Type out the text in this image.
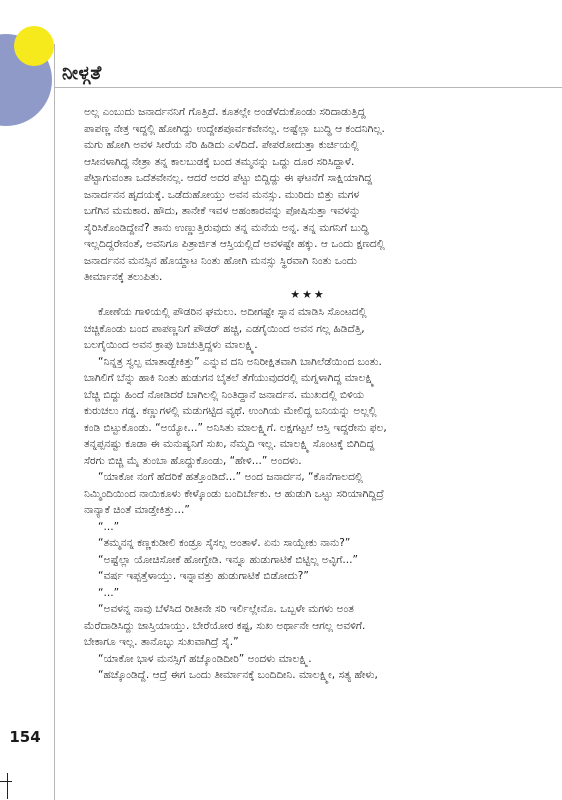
ನೀಳ್ಗತೆ
ಅಲ್ಲ ಎಂಬುದು ಜನಾರ್ದನನಿಗೆ ಗೊತ್ತಿದೆ. ಕೂತಲ್ಲೇ ಅಂಡೆಳೆದುಕೊಂಡು ಸರಿದಾಡುತ್ತಿದ್ದ
ಪಾಪಣ್ಣ ನೇತ್ರ ಇದ್ದಲ್ಲಿ ಹೋಗಿದ್ದು ಉದ್ದೇಶಪೂರ್ವಕವೇನಲ್ಲ. ಅಷ್ಟೆಲ್ಲಾ ಬುದ್ಧಿ ಆ ಕಂದನಿಗಿಲ್ಲ.
ಮಗು ಹೋಗಿ ಅವಳ ಸೀರೆಯ ನೆರಿ ಹಿಡಿದು ಎಳೆದಿದೆ. ಪೇಪರೋದುತ್ತಾ ಕುರ್ಚಿಯಲ್ಲಿ
ಆಸೀನಳಾಗಿದ್ದ ನೇತ್ರಾ ತನ್ನ ಕಾಲಬುಡಕ್ಕೆ ಬಂದ ತಮ್ಮನನ್ನು ಒದ್ದು ದೂರ ಸರಿಸಿದ್ದಾಳೆ.
ಪೆಟ್ಟಾಗುವಂತಾ ಒದೆತವೇನಲ್ಲ. ಆದರೆ ಅದರ ಪೆಟ್ಟು ಬಿದ್ದಿದ್ದು ಈ ಘಟನೆಗೆ ಸಾಕ್ಷಿಯಾಗಿದ್ದ
ಜನಾರ್ದನನ ಹೃದಯಕ್ಕೆ. ಒಡೆದುಹೋಯ್ತು ಅವನ ಮನಸ್ಸು. ಮುರಿದು ಬಿತ್ತು ಮಗಳ
ಬಗೆಗಿನ ಮಮಕಾರ. ಹೌದು, ತಾನೇಕೆ ಇವಳ ಅಹಂಕಾರವನ್ನು ಪೋಷಿಸುತ್ತಾ ಇವಳನ್ನು
ಸೈರಿಸಿಕೊಂಡಿದ್ದೇನೆ? ತಾನು ಉಣ್ಣುತ್ತಿರುವುದು ತನ್ನ ಮನೆಯ ಅನ್ನ. ತನ್ನ ಮಗನಿಗೆ ಬುದ್ಧಿ
ಇಲ್ಲದಿದ್ದರೇನಂತೆ, ಅವನಿಗೂ ಪಿತ್ರಾರ್ಜಿತ ಆಸ್ತಿಯಲ್ಲಿದೆ ಅವಳಷ್ಟೇ ಹಕ್ಕು. ಆ ಒಂದು ಕ್ಷಣದಲ್ಲಿ
ಜನಾರ್ದನನ ಮನಸ್ಸಿನ ಹೊಯ್ದಾಟ ನಿಂತು ಹೋಗಿ ಮನಸ್ಸು ಸ್ಥಿರವಾಗಿ ನಿಂತು ಒಂದು
ತೀರ್ಮಾನಕ್ಕೆ ತಲುಪಿತು.
★★★
ಕೋಣೆಯ ಗಾಳಿಯಲ್ಲಿ ಪೌಡರಿನ ಘಮಲು. ಅದೀಗಷ್ಟೇ ಸ್ನಾನ ಮಾಡಿಸಿ ಸೊಂಟದಲ್ಲಿ
ಚಚ್ಚಿಕೊಂಡು ಬಂದ ಪಾಪಣ್ಣನಿಗೆ ಪೌಡರ್ ಹಚ್ಚಿ, ಎಡಗೈಯಿಂದ ಅವನ ಗಲ್ಲ ಹಿಡಿದೆತ್ತಿ,
ಬಲಗೈಯಿಂದ ಅವನ ಕ್ರಾಪು ಬಾಚುತ್ತಿದ್ದಳು ಮಾಲಕ್ಷ್ಮಿ.
“ನಿನ್ನತ್ರ ಸ್ವಲ್ಪ ಮಾತಾಡ್ಬೇಕಿತ್ತು” ಎನ್ನುವ ದನಿ ಅನಿರೀಕ್ಷಿತವಾಗಿ ಬಾಗಿಲೆಡೆಯಿಂದ ಬಂತು.
ಬಾಗಿಲಿಗೆ ಬೆನ್ನು ಹಾಕಿ ನಿಂತು ಹುಡುಗನ ಬೈತಲೆ ತೆಗೆಯುವುದರಲ್ಲಿ ಮಗ್ನಳಾಗಿದ್ದ ಮಾಲಕ್ಷ್ಮಿ
ಬೆಚ್ಚಿ ಬಿದ್ದು ಹಿಂದೆ ನೋಡಿದರೆ ಬಾಗಿಲಲ್ಲಿ ನಿಂತಿದ್ದಾನೆ ಜನಾರ್ದನ. ಮುಖದಲ್ಲಿ ಬಿಳಿಯ
ಕುರುಚಲು ಗಡ್ಡ. ಕಣ್ಣುಗಳಲ್ಲಿ ಮಡುಗಟ್ಟಿದ ವ್ಯಥೆ. ಉಂಗಿಯ ಮೇಲಿದ್ದ ಬನಿಯನ್ನು ಅಲ್ಲಲ್ಲಿ
ಕಂಡಿ ಬಿಟ್ಟುಕೊಂಡು. “ಅಯ್ಯೋ...” ಅನಿಸಿತು ಮಾಲಕ್ಷ್ಮಿಗೆ. ಲಕ್ಷಗಟ್ಟಲೆ ಆಸ್ತಿ ಇದ್ದರೇನು ಫಲ,
ತನ್ನಪ್ಪನಷ್ಟು ಕೂಡಾ ಈ ಮನುಷ್ಯನಿಗೆ ಸುಖ, ನೆಮ್ಮದಿ ಇಲ್ಲ. ಮಾಲಕ್ಷ್ಮಿ ಸೊಂಟಕ್ಕೆ ಬಿಗಿದಿದ್ದ
ಸೆರಗು ಬಿಚ್ಚಿ ಮೈ ತುಂಬಾ ಹೊದ್ದುಕೊಂಡು, “ಹೇಳಿ...” ಅಂದಳು.
“ಯಾಕೋ ನಂಗೆ ಹೆದರಿಕೆ ಹತ್ತೊಂಡಿದೆ...” ಅಂದ ಜನಾರ್ದನ, “ಕೊನೆಗಾಲದಲ್ಲಿ
ನಿಮ್ಮಿಂದಿಯಿಂದ ನಾಯಿಕೂಳು ಕೇಳ್ಕೊಂಡು ಬಂದಿರ್ಬೇಕು. ಆ ಹುಡುಗಿ ಒಟ್ಟು ಸರಿಯಾಗಿದ್ದಿದ್ರೆ
ನಾನ್ಯಾಕೆ ಚಿಂತೆ ಮಾಡ್ತೇಕಿತ್ತು...”
“...”
“ತಮ್ಮನನ್ನ ಕಣ್ಣಕುಡೀಲಿ ಕಂಡ್ರೂ ಸೈಸಲ್ಲ ಅಂತಾಳೆ. ಏನು ಸಾಯ್ಬೇಕು ನಾನು?”
“ಅಷ್ಟೆಲ್ಲಾ ಯೋಚಿಸೋಕೆ ಹೋಗ್ಬೇಡಿ. ಇನ್ನೂ ಹುಡುಗಾಟಿಕೆ ಬಿಟ್ಟಿಲ್ಲ ಅವ್ಳಿಗೆ...”
“ವರ್ಷ ಇಪ್ಪತ್ತೆಳಾಯ್ತು. ಇನ್ನಾವತ್ತು ಹುಡುಗಾಟಿಕೆ ಬಿಡೋದು?”
“...”
“ಅವಳನ್ನ ನಾವು ಬೆಳೆಸಿದ ರೀತೀನೇ ಸರಿ ಇರ್ಲಿಲ್ಲೇನೊ. ಒಬ್ಬಳೇ ಮಗಳು ಅಂತ
ಮೆರೆದಾಡಿಸಿದ್ದು ಜಾಸ್ತಿಯಾಯ್ತು. ಬೇರೆಯೋರ ಕಷ್ಟ, ಸುಖ ಅರ್ಥಾನೇ ಆಗಲ್ಲ ಅವಳಿಗೆ.
ಬೇಕಾಗೂ ಇಲ್ಲ. ತಾನೊಬ್ಳು ಸುಖವಾಗಿದ್ರೆ ಸೈ.”
“ಯಾಕೋ ಭಾಳ ಮನಸ್ಸಿಗೆ ಹಚ್ಕೊಂಡಿದೀರಿ” ಅಂದಳು ಮಾಲಕ್ಷ್ಮಿ.
“ಹಚ್ಕೊಂಡಿದ್ದೆ. ಆದ್ರೆ ಈಗ ಒಂದು ತೀರ್ಮಾನಕ್ಕೆ ಬಂದಿದೀನಿ. ಮಾಲಕ್ಷ್ಮೀ, ಸತ್ಯ ಹೇಳು,
154
